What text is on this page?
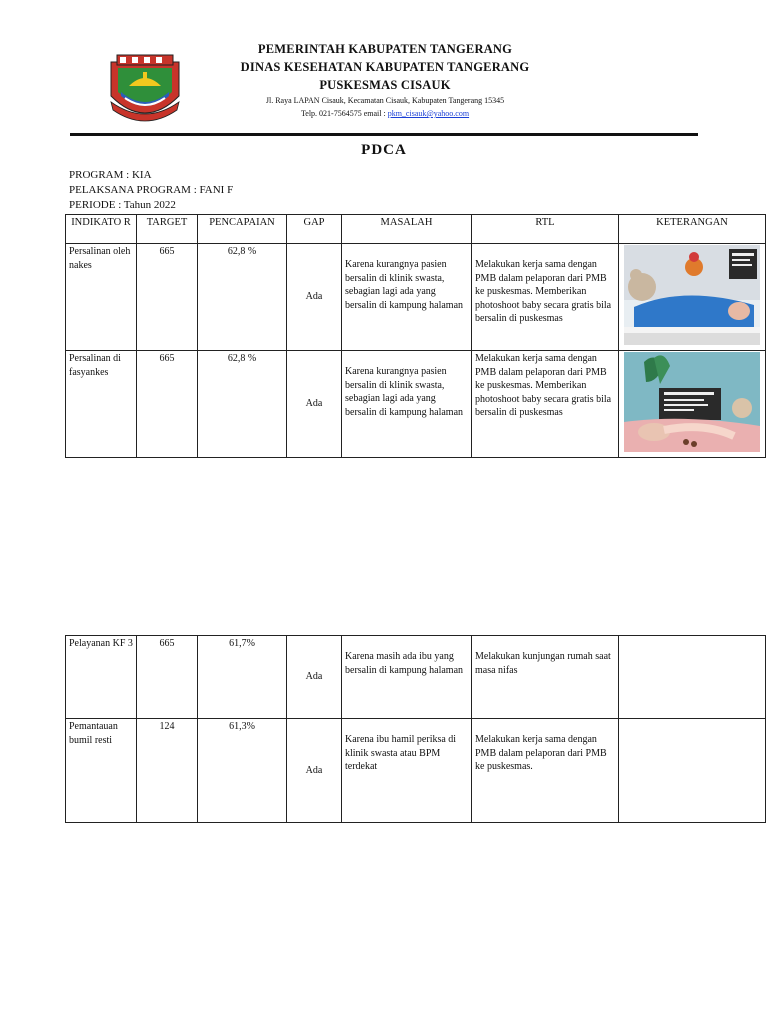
PEMERINTAH KABUPATEN TANGERANG
DINAS KESEHATAN KABUPATEN TANGERANG
PUSKESMAS CISAUK
Jl. Raya LAPAN Cisauk, Kecamatan Cisauk, Kabupaten Tangerang 15345
Telp. 021-7564575 email : pkm_cisauk@yahoo.com
PDCA
PROGRAM : KIA
PELAKSANA PROGRAM : FANI F
PERIODE : Tahun 2022
INDIKATO R	TARGET	PENCAPAIAN	GAP	MASALAH	RTL	KETERANGAN
Persalinan oleh nakes	665	62,8 %	Ada	Karena kurangnya pasien bersalin di klinik swasta, sebagian lagi ada yang bersalin di kampung halaman	Melakukan kerja sama dengan PMB dalam pelaporan dari PMB ke puskesmas. Memberikan photoshoot baby secara gratis bila bersalin di puskesmas	

Persalinan di fasyankes	665	62,8 %	Ada	Karena kurangnya pasien bersalin di klinik swasta, sebagian lagi ada yang bersalin di kampung halaman	Melakukan kerja sama dengan PMB dalam pelaporan dari PMB ke puskesmas. Memberikan photoshoot baby secara gratis bila bersalin di puskesmas	
Pelayanan KF 3	665	61,7%	Ada	Karena masih ada ibu yang bersalin di kampung halaman	Melakukan kunjungan rumah saat masa nifas	
Pemantauan bumil resti	124	61,3%	Ada	Karena ibu hamil periksa di klinik swasta atau BPM terdekat	Melakukan kerja sama dengan PMB dalam pelaporan dari PMB ke puskesmas.	
